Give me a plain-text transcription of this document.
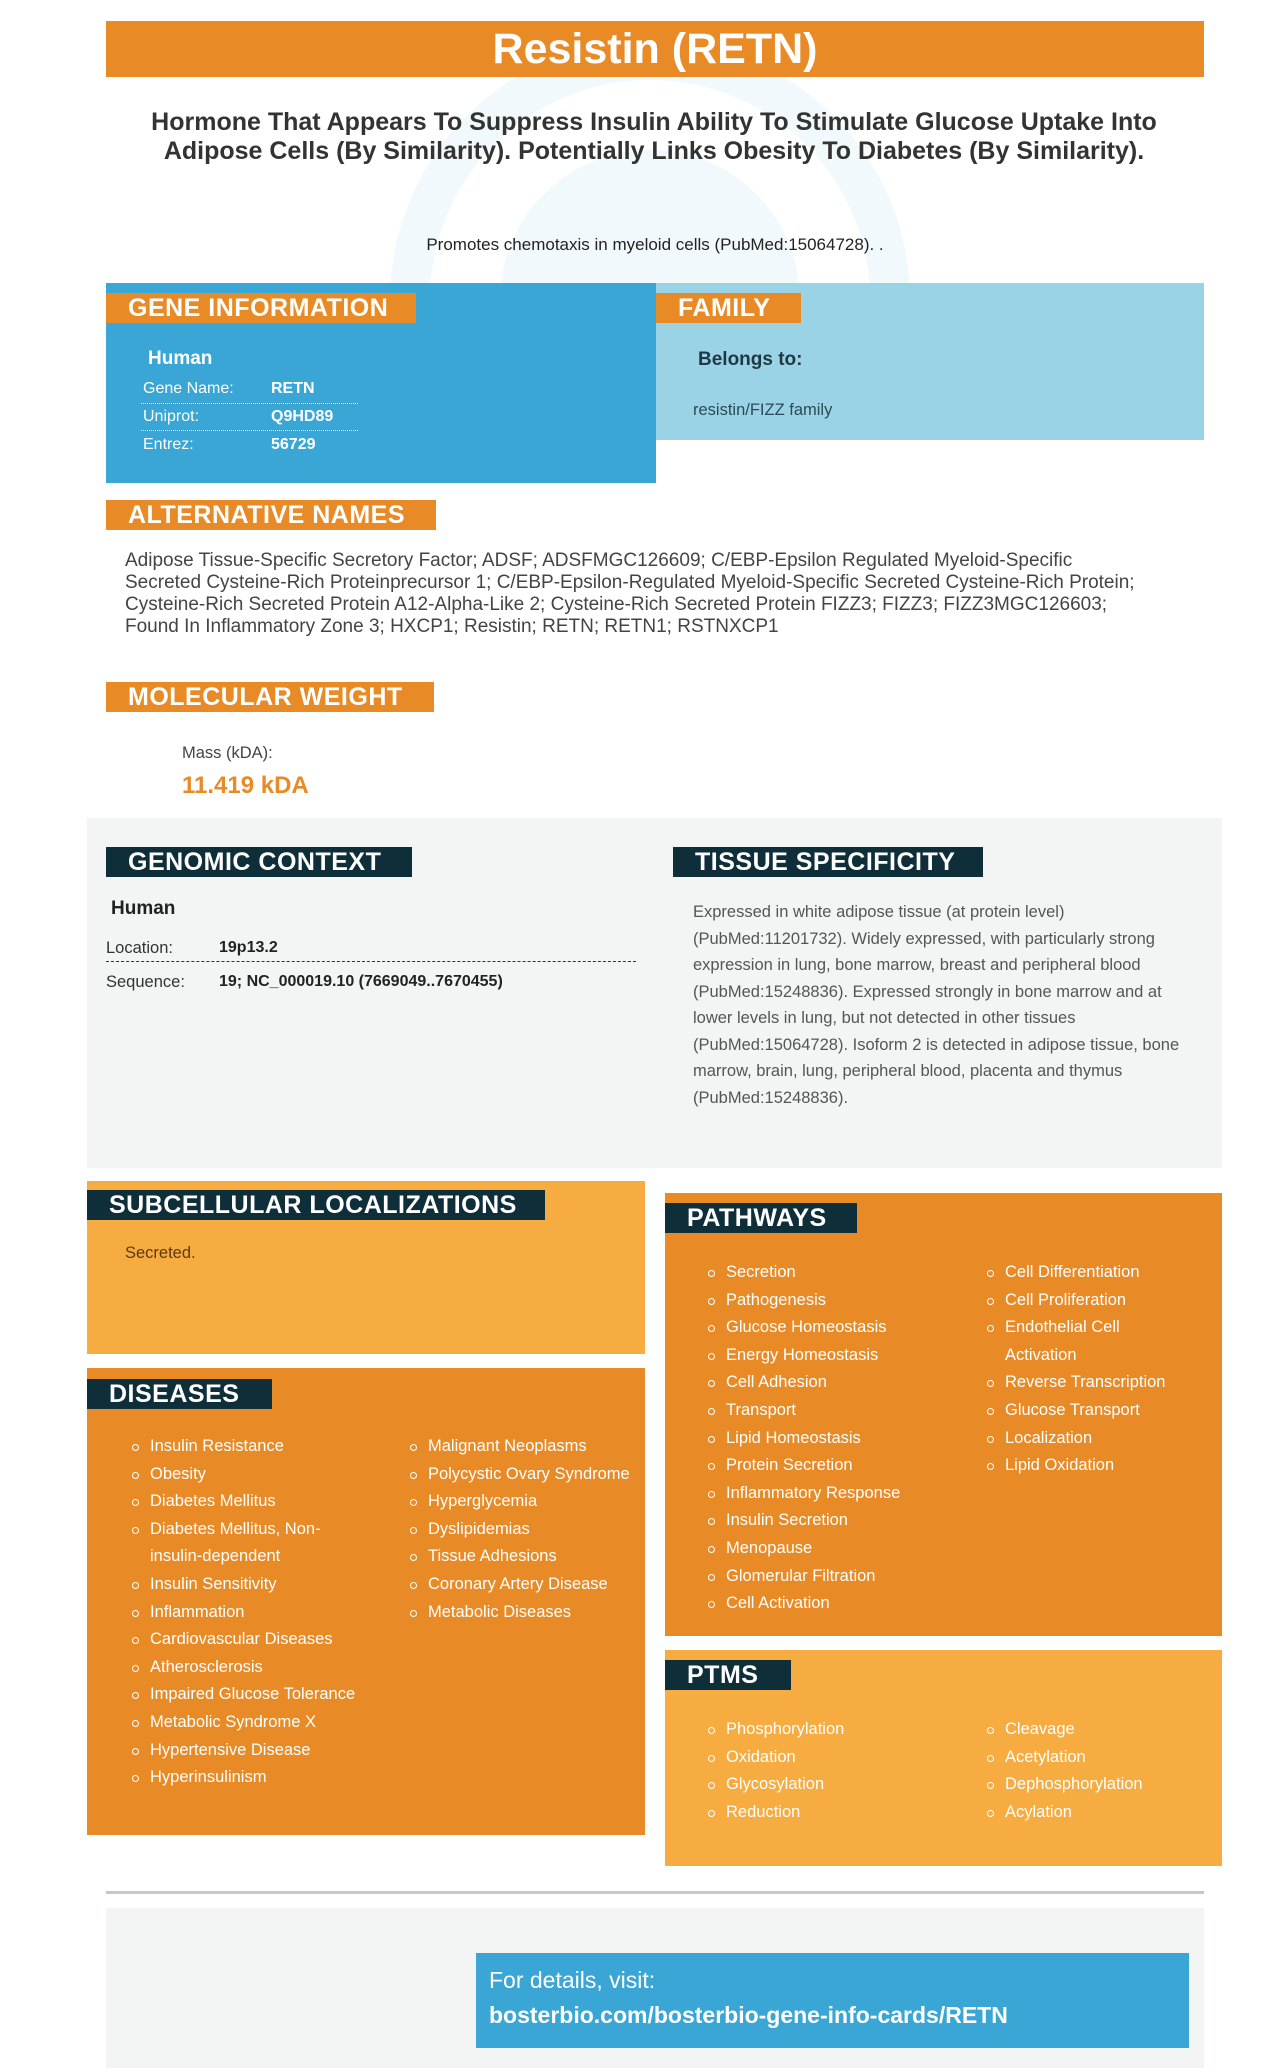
Resistin (RETN)
Hormone That Appears To Suppress Insulin Ability To Stimulate Glucose Uptake Into Adipose Cells (By Similarity). Potentially Links Obesity To Diabetes (By Similarity).
Promotes chemotaxis in myeloid cells (PubMed:15064728). .
GENE INFORMATION
Human
Gene Name: RETN
Uniprot:	Q9HD89
Entrez:	56729
FAMILY
Belongs to:
resistin/FIZZ family
ALTERNATIVE NAMES
Adipose Tissue-Specific Secretory Factor; ADSF; ADSFMGC126609; C/EBP-Epsilon Regulated Myeloid-Specific Secreted Cysteine-Rich Proteinprecursor 1; C/EBP-Epsilon-Regulated Myeloid-Specific Secreted Cysteine-Rich Protein; Cysteine-Rich Secreted Protein A12-Alpha-Like 2; Cysteine-Rich Secreted Protein FIZZ3; FIZZ3; FIZZ3MGC126603; Found In Inflammatory Zone 3; HXCP1; Resistin; RETN; RETN1; RSTNXCP1
MOLECULAR WEIGHT
Mass (kDA):
11.419 kDA
GENOMIC CONTEXT
Human
Location:	19p13.2
Sequence: 19; NC_000019.10 (7669049..7670455)
TISSUE SPECIFICITY
Expressed in white adipose tissue (at protein level) (PubMed:11201732). Widely expressed, with particularly strong expression in lung, bone marrow, breast and peripheral blood (PubMed:15248836). Expressed strongly in bone marrow and at lower levels in lung, but not detected in other tissues (PubMed:15064728). Isoform 2 is detected in adipose tissue, bone marrow, brain, lung, peripheral blood, placenta and thymus (PubMed:15248836).
SUBCELLULAR LOCALIZATIONS
Secreted.
DISEASES
Insulin Resistance
Obesity
Diabetes Mellitus
Diabetes Mellitus, Non-insulin-dependent
Insulin Sensitivity
Inflammation
Cardiovascular Diseases
Atherosclerosis
Impaired Glucose Tolerance
Metabolic Syndrome X
Hypertensive Disease
Hyperinsulinism
Malignant Neoplasms
Polycystic Ovary Syndrome
Hyperglycemia
Dyslipidemias
Tissue Adhesions
Coronary Artery Disease
Metabolic Diseases
PATHWAYS
Secretion
Pathogenesis
Glucose Homeostasis
Energy Homeostasis
Cell Adhesion
Transport
Lipid Homeostasis
Protein Secretion
Inflammatory Response
Insulin Secretion
Menopause
Glomerular Filtration
Cell Activation
Cell Differentiation
Cell Proliferation
Endothelial Cell Activation
Reverse Transcription
Glucose Transport
Localization
Lipid Oxidation
PTMS
Phosphorylation
Oxidation
Glycosylation
Reduction
Cleavage
Acetylation
Dephosphorylation
Acylation
For details, visit:
bosterbio.com/bosterbio-gene-info-cards/RETN
